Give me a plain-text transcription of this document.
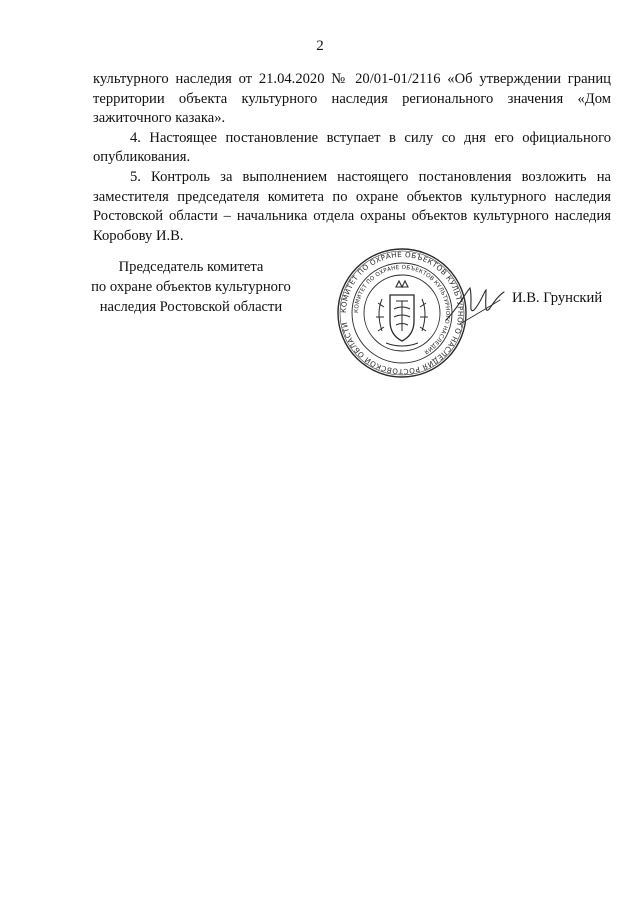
2

культурного наследия от 21.04.2020 № 20/01-01/2116 «Об утверждении границ территории объекта культурного наследия регионального значения «Дом зажиточного казака».

4. Настоящее постановление вступает в силу со дня его официального опубликования.

5. Контроль за выполнением настоящего постановления возложить на заместителя председателя комитета по охране объектов культурного наследия Ростовской области – начальника отдела охраны объектов культурного наследия Коробову И.В.

Председатель комитета
по охране объектов культурного
наследия Ростовской области	КОМИТЕТ ПО ОХРАНЕ ОБЪЕКТОВ КУЛЬТУРНОГО НАСЛЕДИЯ РОСТОВСКОЙ ОБЛАСТИ
КОМИТЕТ ПО ОХРАНЕ ОБЪЕКТОВ КУЛЬТУРНОГО НАСЛЕДИЯ
И.В. Грунский
